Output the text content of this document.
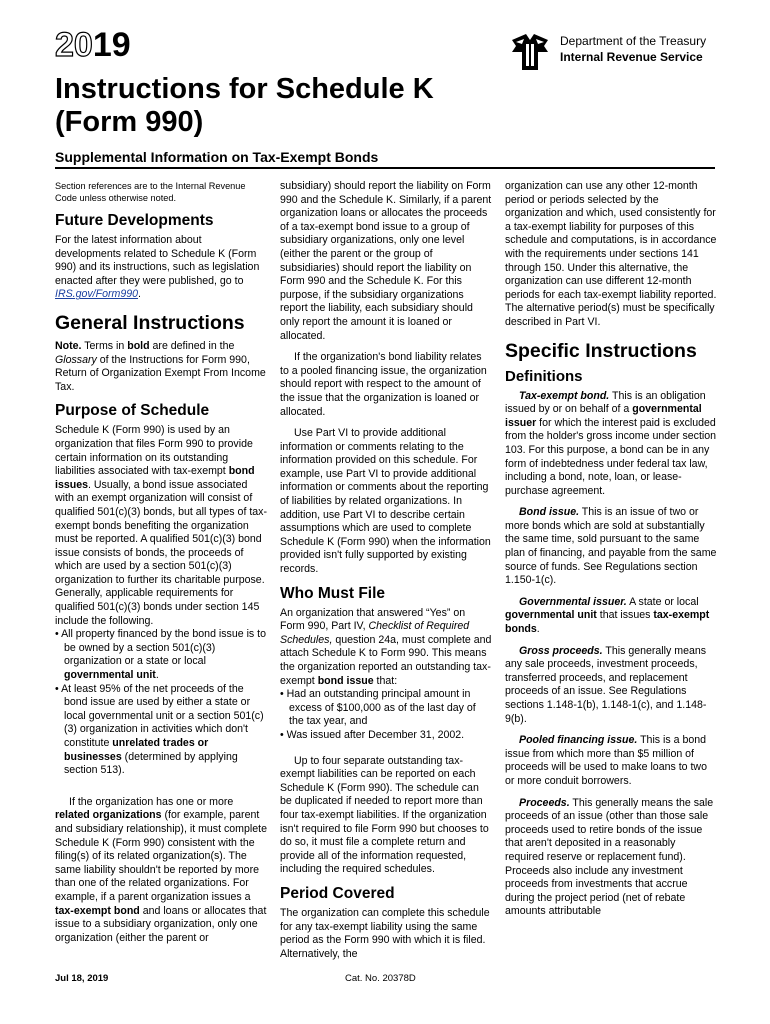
2019
Instructions for Schedule K (Form 990)
Supplemental Information on Tax-Exempt Bonds
Department of the Treasury
Internal Revenue Service

Section references are to the Internal Revenue Code unless otherwise noted.

Future Developments

For the latest information about developments related to Schedule K (Form 990) and its instructions, such as legislation enacted after they were published, go to IRS.gov/Form990.

General Instructions

Note. Terms in bold are defined in the Glossary of the Instructions for Form 990, Return of Organization Exempt From Income Tax.

Purpose of Schedule

Schedule K (Form 990) is used by an organization that files Form 990 to provide certain information on its outstanding liabilities associated with tax-exempt bond issues. Usually, a bond issue associated with an exempt organization will consist of qualified 501(c)(3) bonds, but all types of tax-exempt bonds benefiting the organization must be reported. A qualified 501(c)(3) bond issue consists of bonds, the proceeds of which are used by a section 501(c)(3) organization to further its charitable purpose. Generally, applicable requirements for qualified 501(c)(3) bonds under section 145 include the following.

• All property financed by the bond issue is to be owned by a section 501(c)(3) organization or a state or local governmental unit.
• At least 95% of the net proceeds of the bond issue are used by either a state or local governmental unit or a section 501(c)(3) organization in activities which don't constitute unrelated trades or businesses (determined by applying section 513).

If the organization has one or more related organizations (for example, parent and subsidiary relationship), it must complete Schedule K (Form 990) consistent with the filing(s) of its related organization(s). The same liability shouldn't be reported by more than one of the related organizations. For example, if a parent organization issues a tax-exempt bond and loans or allocates that issue to a subsidiary organization, only one organization (either the parent or

subsidiary) should report the liability on Form 990 and the Schedule K. Similarly, if a parent organization loans or allocates the proceeds of a tax-exempt bond issue to a group of subsidiary organizations, only one level (either the parent or the group of subsidiaries) should report the liability on Form 990 and the Schedule K. For this purpose, if the subsidiary organizations report the liability, each subsidiary should only report the amount it is loaned or allocated.

If the organization's bond liability relates to a pooled financing issue, the organization should report with respect to the amount of the issue that the organization is loaned or allocated.

Use Part VI to provide additional information or comments relating to the information provided on this schedule. For example, use Part VI to provide additional information or comments about the reporting of liabilities by related organizations. In addition, use Part VI to describe certain assumptions which are used to complete Schedule K (Form 990) when the information provided isn't fully supported by existing records.

Who Must File

An organization that answered “Yes” on Form 990, Part IV, Checklist of Required Schedules, question 24a, must complete and attach Schedule K to Form 990. This means the organization reported an outstanding tax-exempt bond issue that:

• Had an outstanding principal amount in excess of $100,000 as of the last day of the tax year, and
• Was issued after December 31, 2002.

Up to four separate outstanding tax-exempt liabilities can be reported on each Schedule K (Form 990). The schedule can be duplicated if needed to report more than four tax-exempt liabilities. If the organization isn't required to file Form 990 but chooses to do so, it must file a complete return and provide all of the information requested, including the required schedules.

Period Covered

The organization can complete this schedule for any tax-exempt liability using the same period as the Form 990 with which it is filed. Alternatively, the

organization can use any other 12-month period or periods selected by the organization and which, used consistently for a tax-exempt liability for purposes of this schedule and computations, is in accordance with the requirements under sections 141 through 150. Under this alternative, the organization can use different 12-month periods for each tax-exempt liability reported. The alternative period(s) must be specifically described in Part VI.

Specific Instructions
Definitions

Tax-exempt bond. This is an obligation issued by or on behalf of a governmental issuer for which the interest paid is excluded from the holder's gross income under section 103. For this purpose, a bond can be in any form of indebtedness under federal tax law, including a bond, note, loan, or lease-purchase agreement.

Bond issue. This is an issue of two or more bonds which are sold at substantially the same time, sold pursuant to the same plan of financing, and payable from the same source of funds. See Regulations section 1.150-1(c).

Governmental issuer. A state or local governmental unit that issues tax-exempt bonds.

Gross proceeds. This generally means any sale proceeds, investment proceeds, transferred proceeds, and replacement proceeds of an issue. See Regulations sections 1.148-1(b), 1.148-1(c), and 1.148-9(b).

Pooled financing issue. This is a bond issue from which more than $5 million of proceeds will be used to make loans to two or more conduit borrowers.

Proceeds. This generally means the sale proceeds of an issue (other than those sale proceeds used to retire bonds of the issue that aren't deposited in a reasonably required reserve or replacement fund). Proceeds also include any investment proceeds from investments that accrue during the project period (net of rebate amounts attributable

Jul 18, 2019	Cat. No. 20378D
